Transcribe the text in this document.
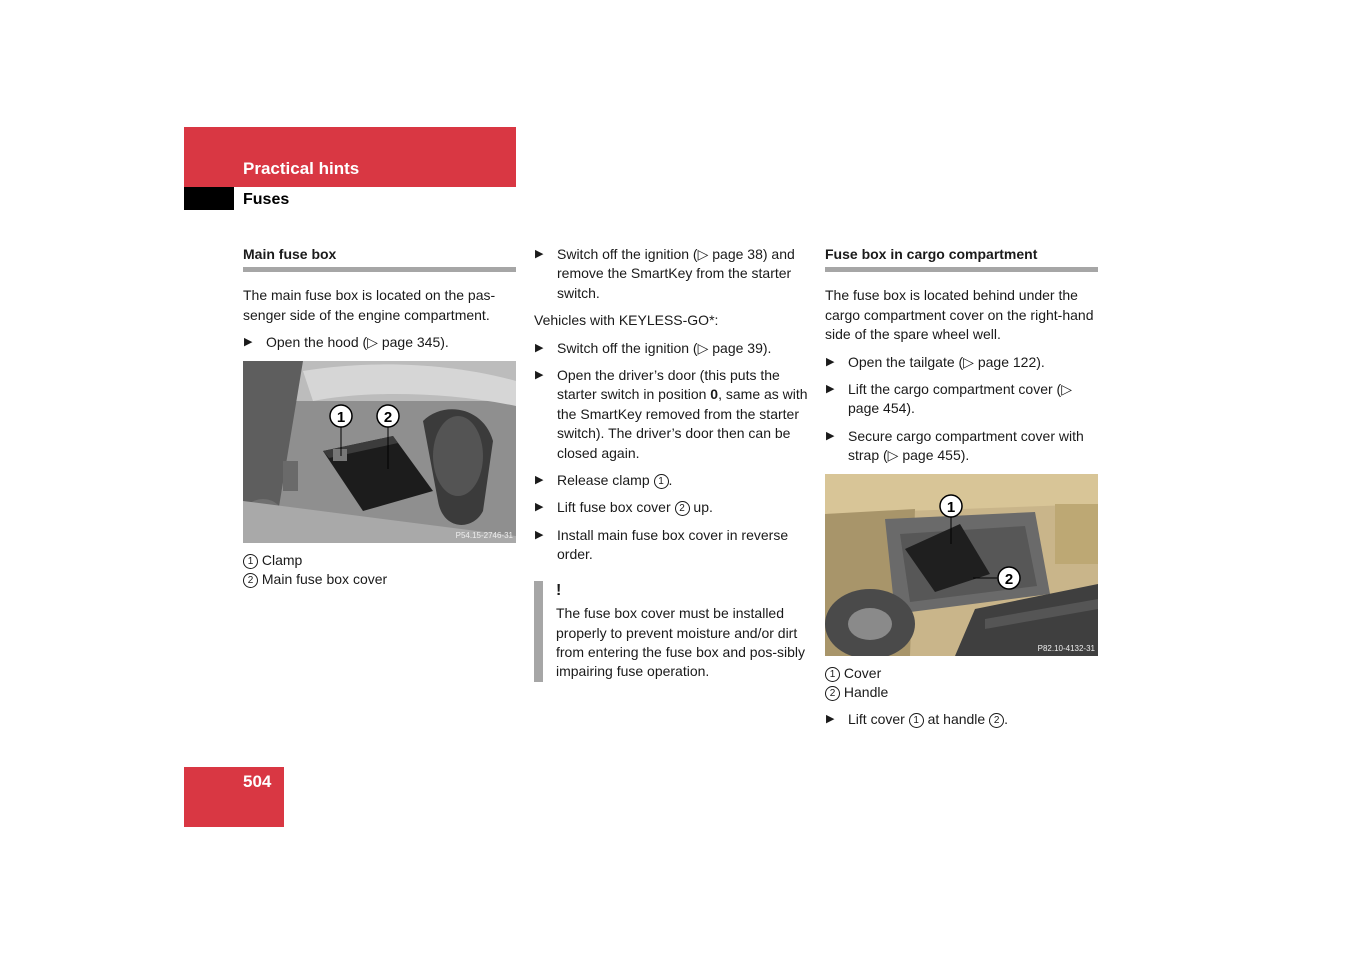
Practical hints
Fuses
Main fuse box

The main fuse box is located on the pas-senger side of the engine compartment.

▶ Open the hood (▷ page 345).
1	2
P54.15-2746-31
1 Clamp
2 Main fuse box cover
▶ Switch off the ignition (▷ page 38) and remove the SmartKey from the starter switch.

Vehicles with KEYLESS-GO*:

▶ Switch off the ignition (▷ page 39).
▶ Open the driver’s door (this puts the starter switch in position 0, same as with the SmartKey removed from the starter switch). The driver’s door then can be closed again.
▶ Release clamp 1 .
▶ Lift fuse box cover 2 up.
▶ Install main fuse box cover in reverse order.
!
The fuse box cover must be installed properly to prevent moisture and/or dirt from entering the fuse box and pos-sibly impairing fuse operation.
Fuse box in cargo compartment

The fuse box is located behind under the cargo compartment cover on the right-hand side of the spare wheel well.

▶ Open the tailgate (▷ page 122).
▶ Lift the cargo compartment cover (▷ page 454).
▶ Secure cargo compartment cover with strap (▷ page 455).
1
2
P82.10-4132-31
1 Cover
2 Handle
▶ Lift cover 1 at handle 2 .
504
